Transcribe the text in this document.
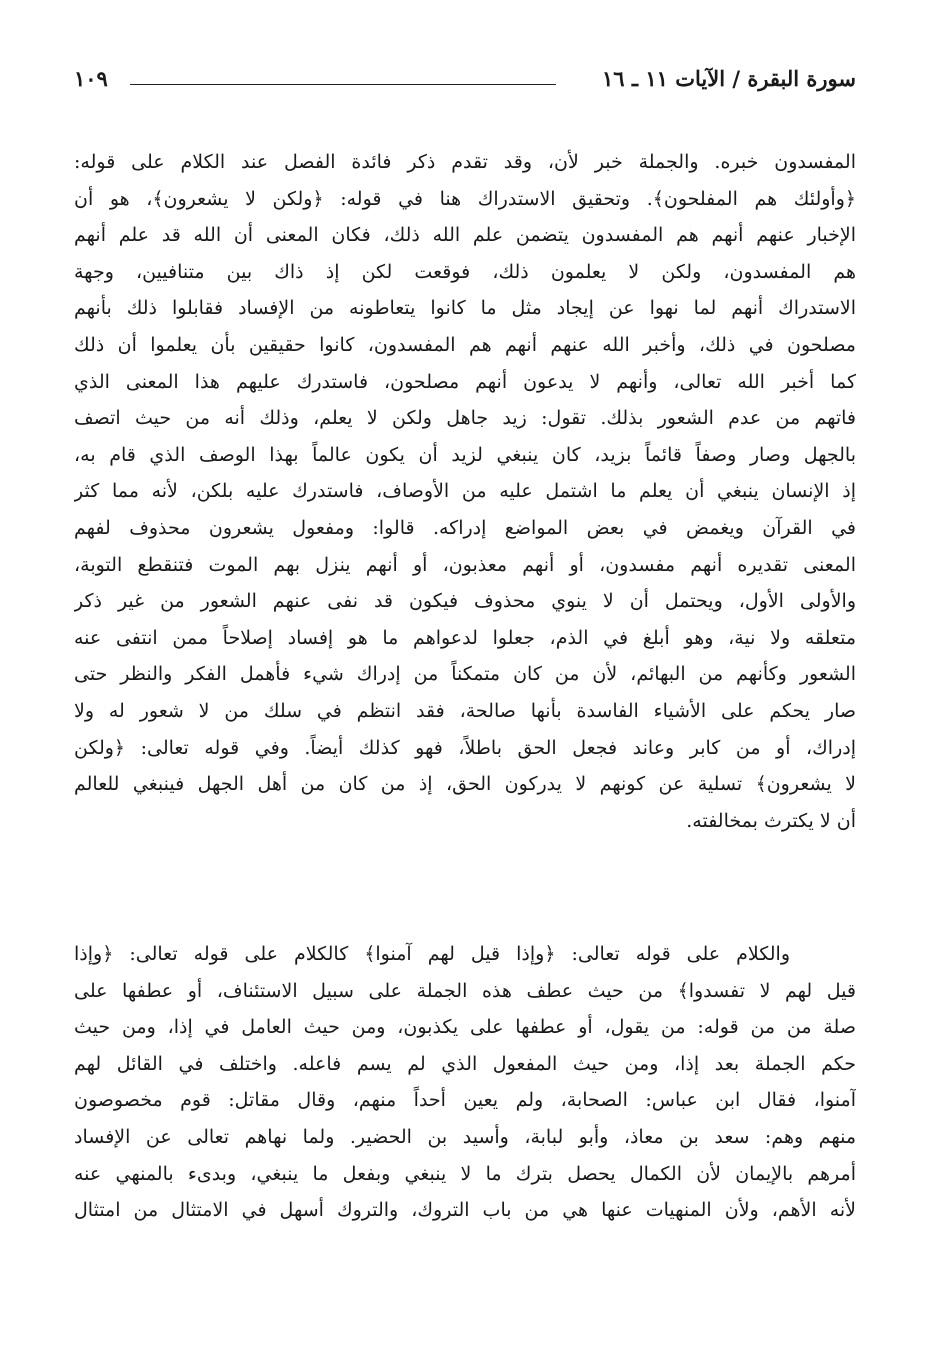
سورة البقرة / الآيات ١١ ـ ١٦
١٠٩
المفسدون خبره. والجملة خبر لأن، وقد تقدم ذكر فائدة الفصل عند الكلام على قوله:
﴿وأولئك هم المفلحون﴾. وتحقيق الاستدراك هنا في قوله: ﴿ولكن لا يشعرون﴾، هو أن
الإخبار عنهم أنهم هم المفسدون يتضمن علم الله ذلك، فكان المعنى أن الله قد علم أنهم
هم المفسدون، ولكن لا يعلمون ذلك، فوقعت لكن إذ ذاك بين متنافيين، وجهة
الاستدراك أنهم لما نهوا عن إيجاد مثل ما كانوا يتعاطونه من الإفساد فقابلوا ذلك بأنهم
مصلحون في ذلك، وأخبر الله عنهم أنهم هم المفسدون، كانوا حقيقين بأن يعلموا أن ذلك
كما أخبر الله تعالى، وأنهم لا يدعون أنهم مصلحون، فاستدرك عليهم هذا المعنى الذي
فاتهم من عدم الشعور بذلك. تقول: زيد جاهل ولكن لا يعلم، وذلك أنه من حيث اتصف
بالجهل وصار وصفاً قائماً بزيد، كان ينبغي لزيد أن يكون عالماً بهذا الوصف الذي قام به،
إذ الإنسان ينبغي أن يعلم ما اشتمل عليه من الأوصاف، فاستدرك عليه بلكن، لأنه مما كثر
في القرآن ويغمض في بعض المواضع إدراكه. قالوا: ومفعول يشعرون محذوف لفهم
المعنى تقديره أنهم مفسدون، أو أنهم معذبون، أو أنهم ينزل بهم الموت فتنقطع التوبة،
والأولى الأول، ويحتمل أن لا ينوي محذوف فيكون قد نفى عنهم الشعور من غير ذكر
متعلقه ولا نية، وهو أبلغ في الذم، جعلوا لدعواهم ما هو إفساد إصلاحاً ممن انتفى عنه
الشعور وكأنهم من البهائم، لأن من كان متمكناً من إدراك شيء فأهمل الفكر والنظر حتى
صار يحكم على الأشياء الفاسدة بأنها صالحة، فقد انتظم في سلك من لا شعور له ولا
إدراك، أو من كابر وعاند فجعل الحق باطلاً، فهو كذلك أيضاً. وفي قوله تعالى: ﴿ولكن
لا يشعرون﴾ تسلية عن كونهم لا يدركون الحق، إذ من كان من أهل الجهل فينبغي للعالم
أن لا يكترث بمخالفته.
والكلام على قوله تعالى: ﴿وإذا قيل لهم آمنوا﴾ كالكلام على قوله تعالى: ﴿وإذا
قيل لهم لا تفسدوا﴾ من حيث عطف هذه الجملة على سبيل الاستئناف، أو عطفها على
صلة من من قوله: من يقول، أو عطفها على يكذبون، ومن حيث العامل في إذا، ومن حيث
حكم الجملة بعد إذا، ومن حيث المفعول الذي لم يسم فاعله. واختلف في القائل لهم
آمنوا، فقال ابن عباس: الصحابة، ولم يعين أحداً منهم، وقال مقاتل: قوم مخصوصون
منهم وهم: سعد بن معاذ، وأبو لبابة، وأسيد بن الحضير. ولما نهاهم تعالى عن الإفساد
أمرهم بالإيمان لأن الكمال يحصل بترك ما لا ينبغي وبفعل ما ينبغي، وبدىء بالمنهي عنه
لأنه الأهم، ولأن المنهيات عنها هي من باب التروك، والتروك أسهل في الامتثال من امتثال
